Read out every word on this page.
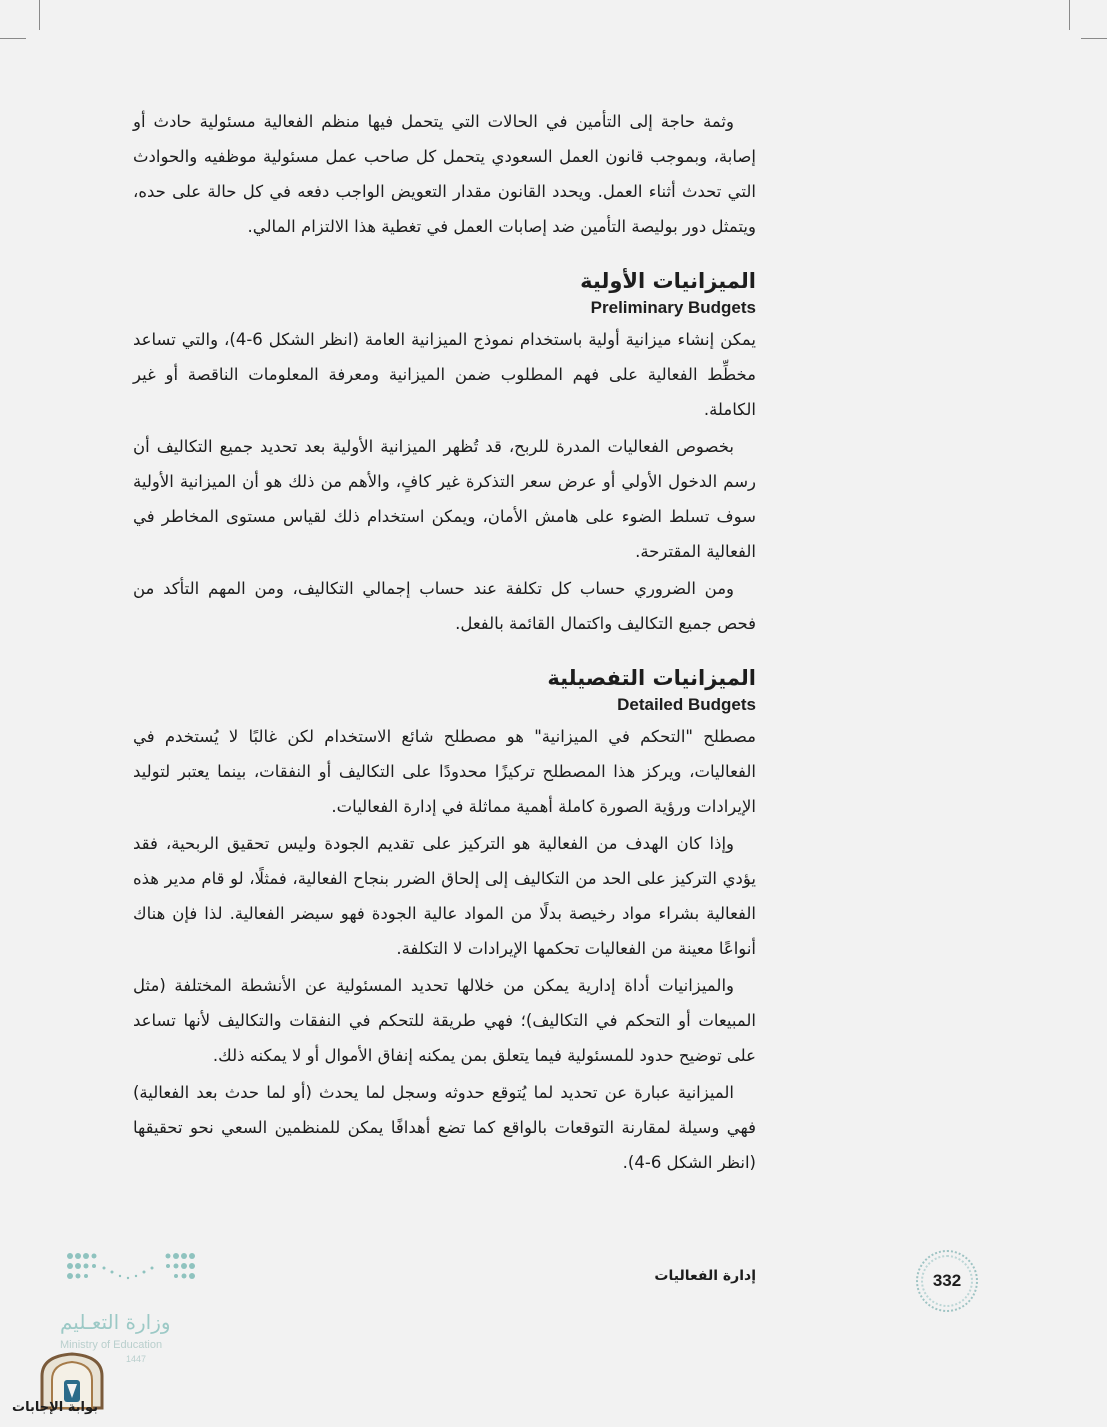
وثمة حاجة إلى التأمين في الحالات التي يتحمل فيها منظم الفعالية مسئولية حادث أو إصابة، وبموجب قانون العمل السعودي يتحمل كل صاحب عمل مسئولية موظفيه والحوادث التي تحدث أثناء العمل. ويحدد القانون مقدار التعويض الواجب دفعه في كل حالة على حده، ويتمثل دور بوليصة التأمين ضد إصابات العمل في تغطية هذا الالتزام المالي.

الميزانيات الأولية
Preliminary Budgets

يمكن إنشاء ميزانية أولية باستخدام نموذج الميزانية العامة (انظر الشكل 6-4)، والتي تساعد مخطِّط الفعالية على فهم المطلوب ضمن الميزانية ومعرفة المعلومات الناقصة أو غير الكاملة.

بخصوص الفعاليات المدرة للربح، قد تُظهر الميزانية الأولية بعد تحديد جميع التكاليف أن رسم الدخول الأولي أو عرض سعر التذكرة غير كافٍ، والأهم من ذلك هو أن الميزانية الأولية سوف تسلط الضوء على هامش الأمان، ويمكن استخدام ذلك لقياس مستوى المخاطر في الفعالية المقترحة.

ومن الضروري حساب كل تكلفة عند حساب إجمالي التكاليف، ومن المهم التأكد من فحص جميع التكاليف واكتمال القائمة بالفعل.

الميزانيات التفصيلية
Detailed Budgets

مصطلح "التحكم في الميزانية" هو مصطلح شائع الاستخدام لكن غالبًا لا يُستخدم في الفعاليات، ويركز هذا المصطلح تركيزًا محدودًا على التكاليف أو النفقات، بينما يعتبر لتوليد الإيرادات ورؤية الصورة كاملة أهمية مماثلة في إدارة الفعاليات.

وإذا كان الهدف من الفعالية هو التركيز على تقديم الجودة وليس تحقيق الربحية، فقد يؤدي التركيز على الحد من التكاليف إلى إلحاق الضرر بنجاح الفعالية، فمثلًا، لو قام مدير هذه الفعالية بشراء مواد رخيصة بدلًا من المواد عالية الجودة فهو سيضر الفعالية. لذا فإن هناك أنواعًا معينة من الفعاليات تحكمها الإيرادات لا التكلفة.

والميزانيات أداة إدارية يمكن من خلالها تحديد المسئولية عن الأنشطة المختلفة (مثل المبيعات أو التحكم في التكاليف)؛ فهي طريقة للتحكم في النفقات والتكاليف لأنها تساعد على توضيح حدود للمسئولية فيما يتعلق بمن يمكنه إنفاق الأموال أو لا يمكنه ذلك.

الميزانية عبارة عن تحديد لما يُتوقع حدوثه وسجل لما يحدث (أو لما حدث بعد الفعالية) فهي وسيلة لمقارنة التوقعات بالواقع كما تضع أهدافًا يمكن للمنظمين السعي نحو تحقيقها (انظر الشكل 6-4).

إدارة الفعاليات	332
وزارة التعـليم
Ministry of Education
1447
بوابة الإجابات
